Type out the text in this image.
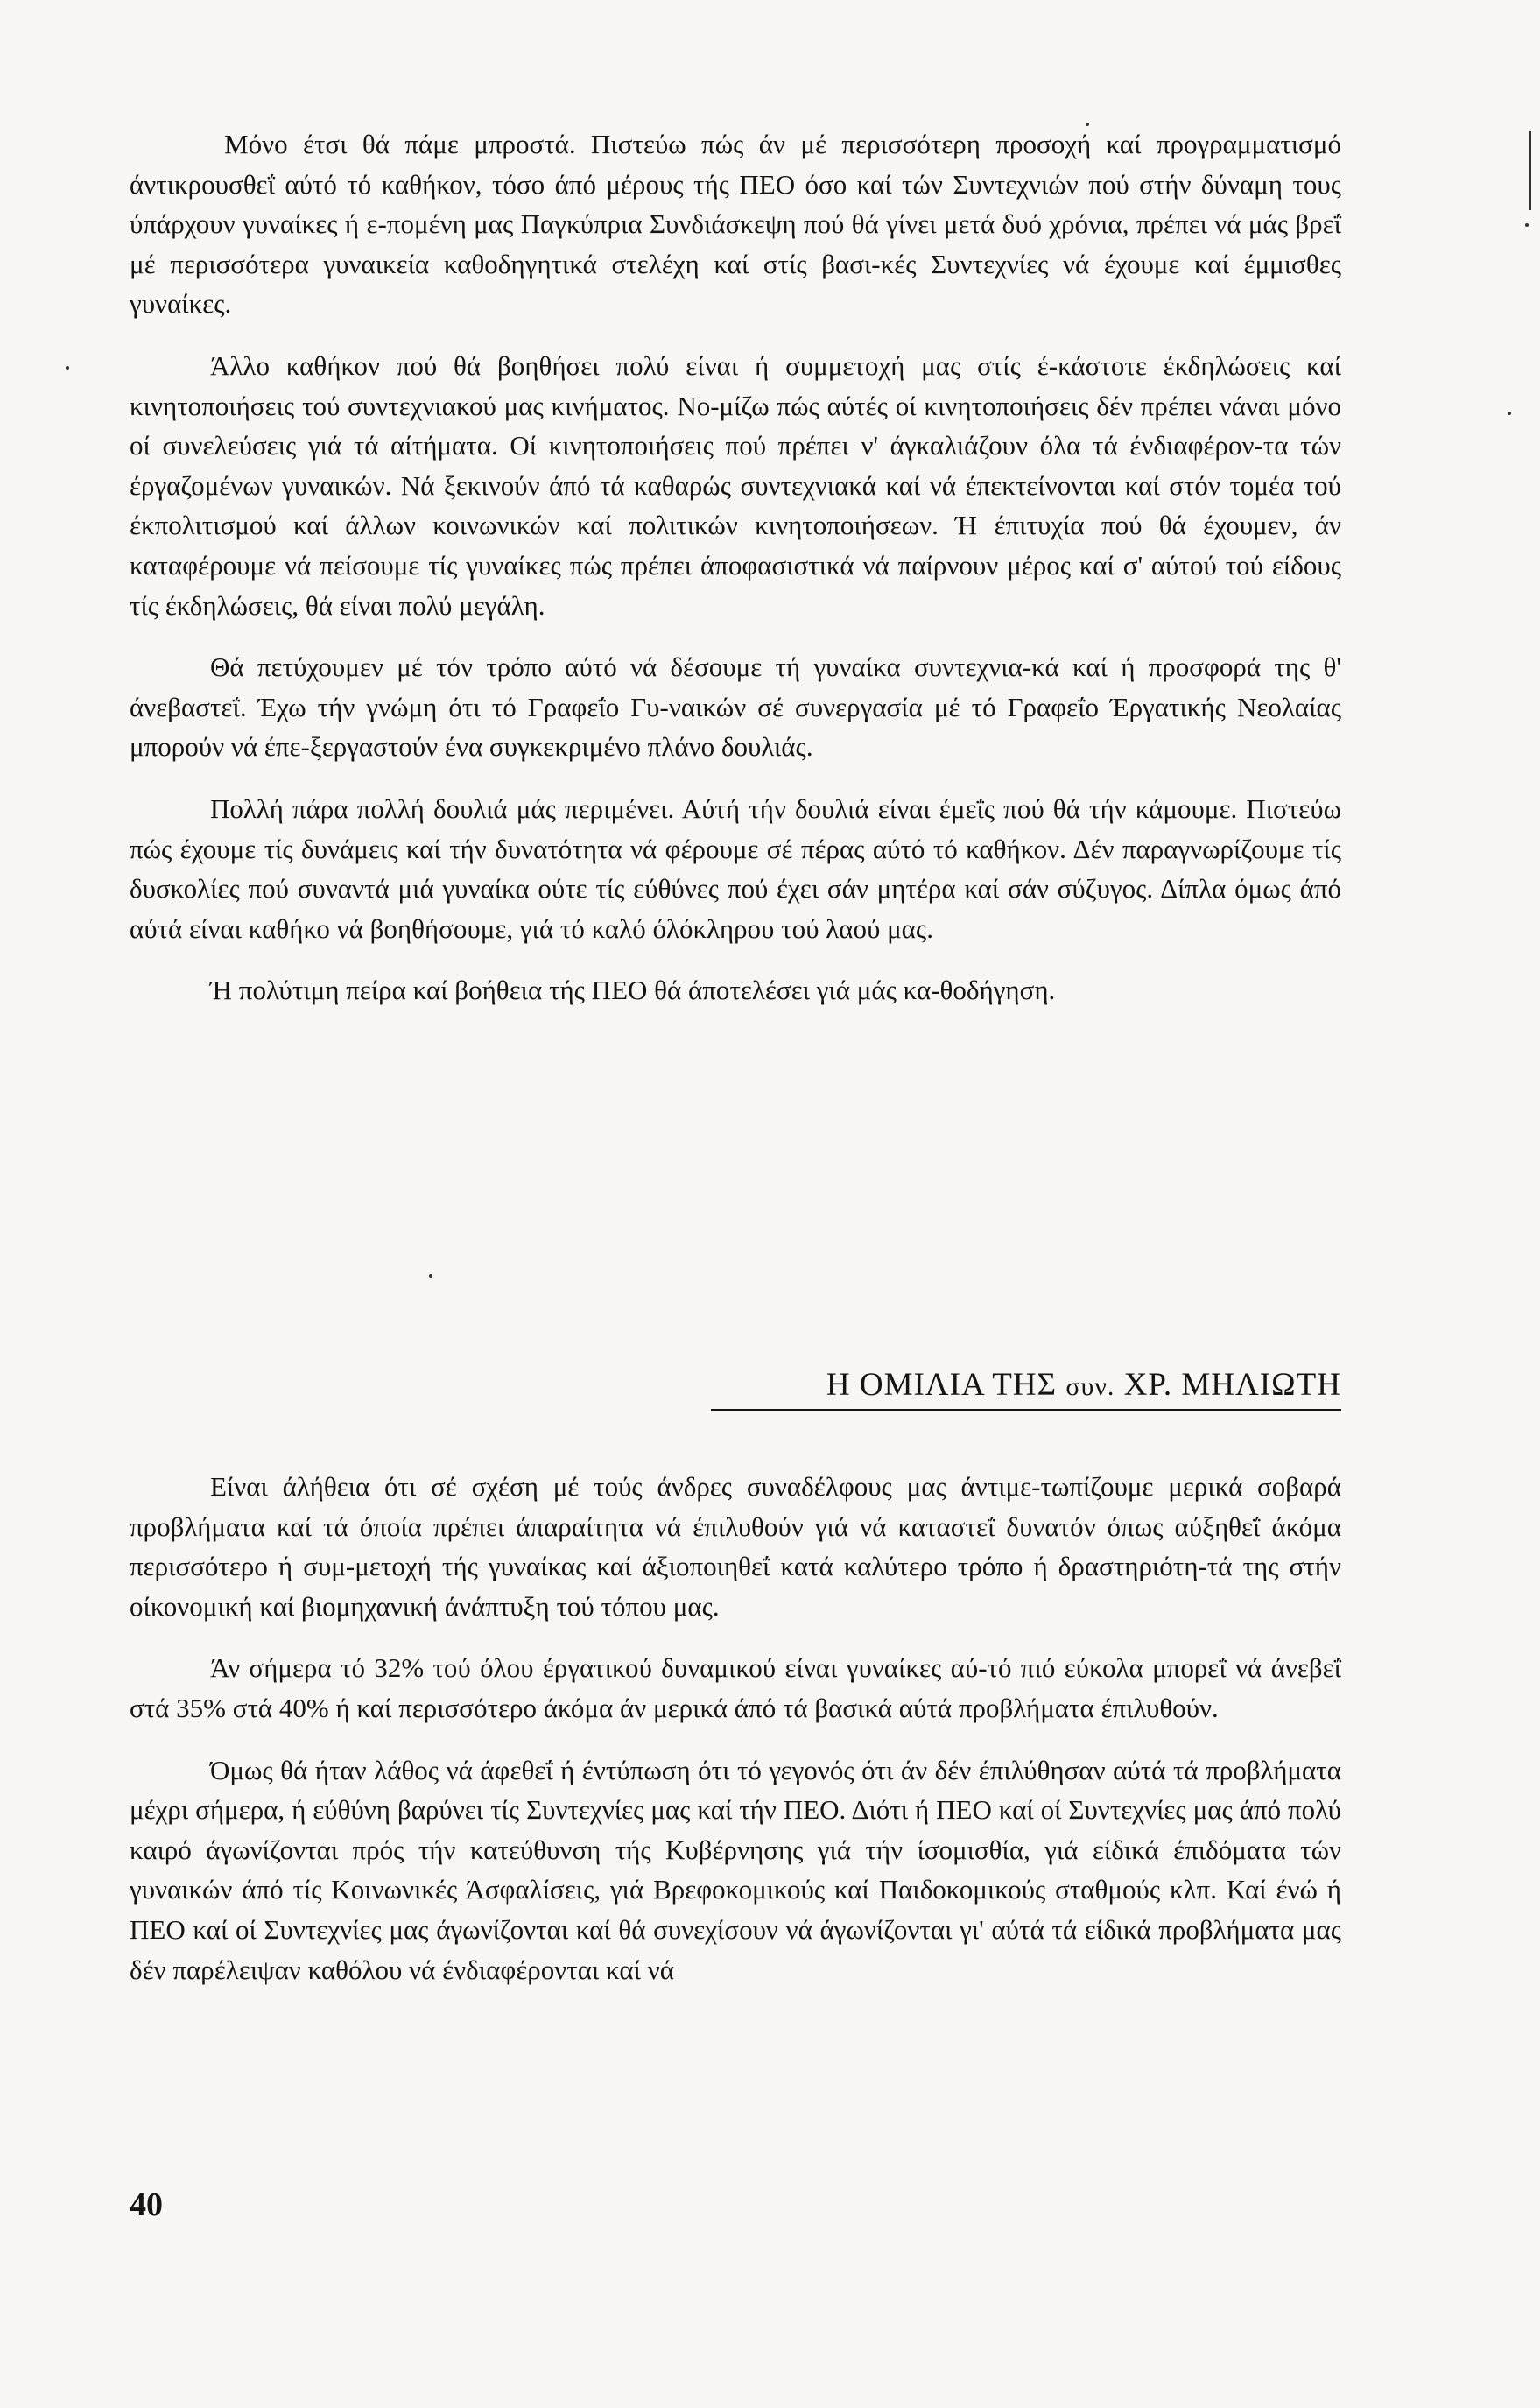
Μόνο έτσι θά πάμε μπροστά. Πιστεύω πώς άν μέ περισσότερη προσοχή καί προγραμματισμό άντικρουσθεΐ αύτό τό καθήκον, τόσο άπό μέρους τής ΠΕΟ όσο καί τών Συντεχνιών πού στήν δύναμη τους ύπάρχουν γυναίκες ή ε-πομένη μας Παγκύπρια Συνδιάσκεψη πού θά γίνει μετά δυό χρόνια, πρέπει νά μάς βρεΐ μέ περισσότερα γυναικεία καθοδηγητικά στελέχη καί στίς βασι-κές Συντεχνίες νά έχουμε καί έμμισθες γυναίκες.

Άλλο καθήκον πού θά βοηθήσει πολύ είναι ή συμμετοχή μας στίς έ-κάστοτε έκδηλώσεις καί κινητοποιήσεις τού συντεχνιακού μας κινήματος. Νο-μίζω πώς αύτές οί κινητοποιήσεις δέν πρέπει νάναι μόνο οί συνελεύσεις γιά τά αίτήματα. Οί κινητοποιήσεις πού πρέπει ν' άγκαλιάζουν όλα τά ένδιαφέρον-τα τών έργαζομένων γυναικών. Νά ξεκινούν άπό τά καθαρώς συντεχνιακά καί νά έπεκτείνονται καί στόν τομέα τού έκπολιτισμού καί άλλων κοινωνικών καί πολιτικών κινητοποιήσεων. Ή έπιτυχία πού θά έχουμεν, άν καταφέρουμε νά πείσουμε τίς γυναίκες πώς πρέπει άποφασιστικά νά παίρνουν μέρος καί σ' αύτού τού είδους τίς έκδηλώσεις, θά είναι πολύ μεγάλη.

Θά πετύχουμεν μέ τόν τρόπο αύτό νά δέσουμε τή γυναίκα συντεχνια-κά καί ή προσφορά της θ' άνεβαστεΐ. Έχω τήν γνώμη ότι τό Γραφεΐο Γυ-ναικών σέ συνεργασία μέ τό Γραφεΐο Έργατικής Νεολαίας μπορούν νά έπε-ξεργαστούν ένα συγκεκριμένο πλάνο δουλιάς.

Πολλή πάρα πολλή δουλιά μάς περιμένει. Αύτή τήν δουλιά είναι έμεΐς πού θά τήν κάμουμε. Πιστεύω πώς έχουμε τίς δυνάμεις καί τήν δυνατότητα νά φέρουμε σέ πέρας αύτό τό καθήκον. Δέν παραγνωρίζουμε τίς δυσκολίες πού συναντά μιά γυναίκα ούτε τίς εύθύνες πού έχει σάν μητέρα καί σάν σύζυγος. Δίπλα όμως άπό αύτά είναι καθήκο νά βοηθήσουμε, γιά τό καλό όλόκληρου τού λαού μας.

Ή πολύτιμη πείρα καί βοήθεια τής ΠΕΟ θά άποτελέσει γιά μάς κα-θοδήγηση.

Η ΟΜΙΛΙΑ ΤΗΣ συν. ΧΡ. ΜΗΛΙΩΤΗ

Είναι άλήθεια ότι σέ σχέση μέ τούς άνδρες συναδέλφους μας άντιμε-τωπίζουμε μερικά σοβαρά προβλήματα καί τά όποία πρέπει άπαραίτητα νά έπιλυθούν γιά νά καταστεΐ δυνατόν όπως αύξηθεΐ άκόμα περισσότερο ή συμ-μετοχή τής γυναίκας καί άξιοποιηθεΐ κατά καλύτερο τρόπο ή δραστηριότη-τά της στήν οίκονομική καί βιομηχανική άνάπτυξη τού τόπου μας.

Άν σήμερα τό 32% τού όλου έργατικού δυναμικού είναι γυναίκες αύ-τό πιό εύκολα μπορεΐ νά άνεβεΐ στά 35% στά 40% ή καί περισσότερο άκόμα άν μερικά άπό τά βασικά αύτά προβλήματα έπιλυθούν.

Όμως θά ήταν λάθος νά άφεθεΐ ή έντύπωση ότι τό γεγονός ότι άν δέν έπιλύθησαν αύτά τά προβλήματα μέχρι σήμερα, ή εύθύνη βαρύνει τίς Συντεχνίες μας καί τήν ΠΕΟ. Διότι ή ΠΕΟ καί οί Συντεχνίες μας άπό πολύ καιρό άγωνίζονται πρός τήν κατεύθυνση τής Κυβέρνησης γιά τήν ίσομισθία, γιά είδικά έπιδόματα τών γυναικών άπό τίς Κοινωνικές Άσφαλίσεις, γιά Βρεφοκομικούς καί Παιδοκομικούς σταθμούς κλπ. Καί ένώ ή ΠΕΟ καί οί Συντεχνίες μας άγωνίζονται καί θά συνεχίσουν νά άγωνίζονται γι' αύτά τά είδικά προβλήματα μας δέν παρέλειψαν καθόλου νά ένδιαφέρονται καί νά

40
